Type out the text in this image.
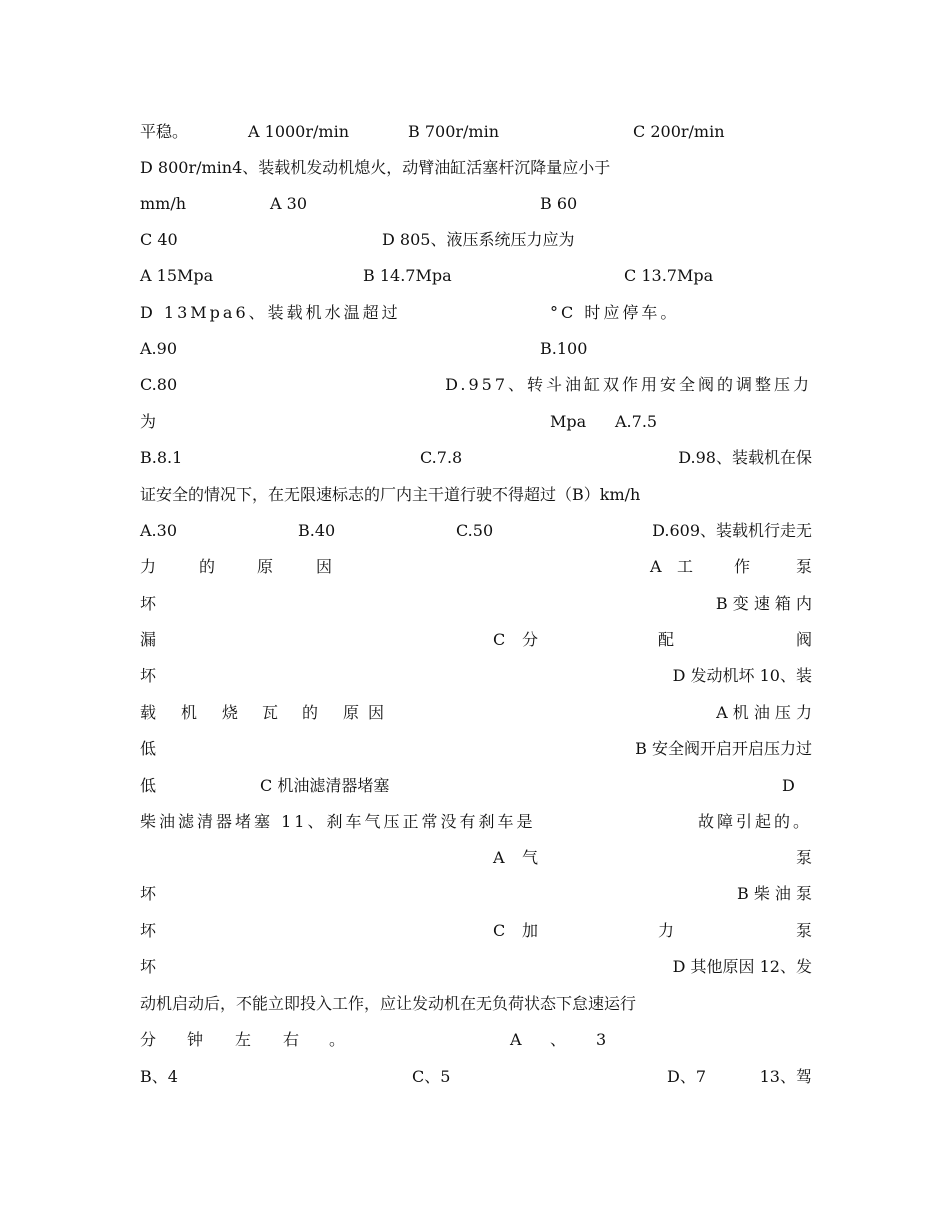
平稳。	A 1000r/min	B 700r/min	C 200r/min
D 800r/min4、装载机发动机熄火，动臂油缸活塞杆沉降量应小于
mm/h	A 30	B 60
C 40	D 805、液压系统压力应为
A 15Mpa	B 14.7Mpa	C 13.7Mpa
D 13Mpa6、装载机水温超过	°C 时应停车。
A.90	B.100
C.80	D.957、转斗油缸双作用安全阀的调整压力
为	Mpa A.7.5
B.8.1	C.7.8	D.98、装载机在保
证安全的情况下，在无限速标志的厂内主干道行驶不得超过（B）km/h
A.30	B.40	C.50	D.609、装载机行走无
力	的	原	因	A 工	作	泵
坏	B 变 速 箱 内
漏	C 分	配	阀
坏	D 发动机坏 10、装
载 机 烧 瓦 的 原 因	A 机 油 压 力
低	B 安全阀开启开启压力过
低	C 机油滤清器堵塞	D
柴油滤清器堵塞 11、刹车气压正常没有刹车是	故障引起的。
A 气	泵
坏	B 柴 油 泵
坏	C 加	力	泵
坏	D 其他原因 12、发
动机启动后，不能立即投入工作，应让发动机在无负荷状态下怠速运行
分 钟 左 右 。	A 、 3
B、4	C、5	D、7	13、驾
